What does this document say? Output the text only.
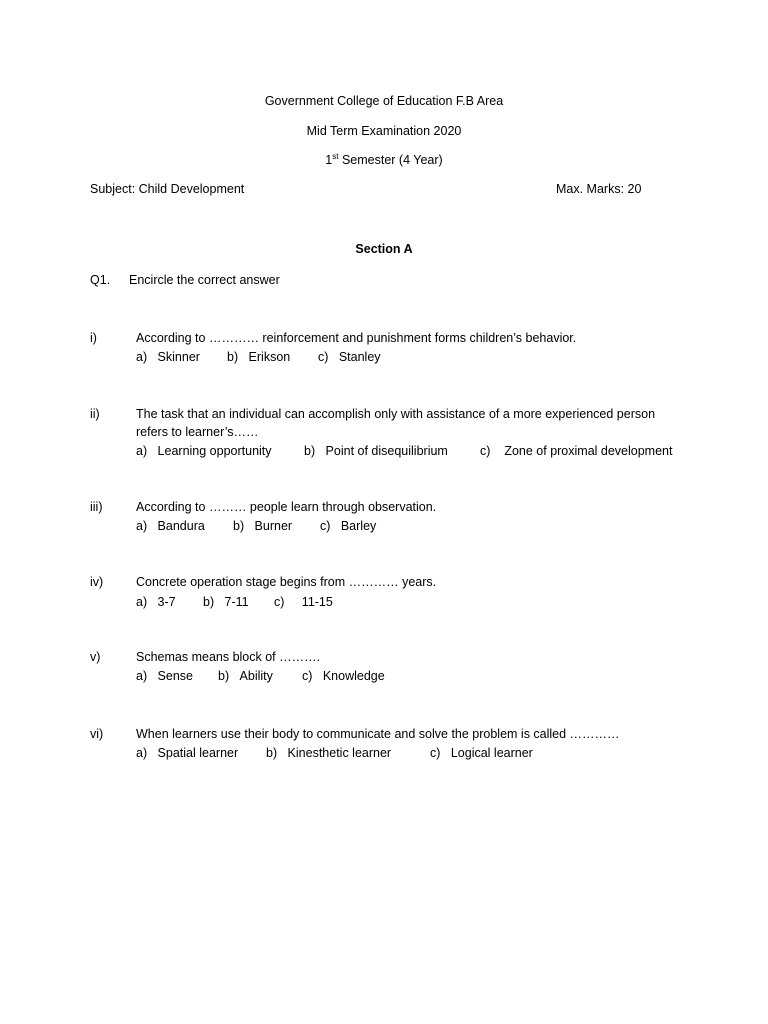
Government College of Education F.B Area
Mid Term Examination 2020
1st Semester (4 Year)
Subject: Child Development	Max. Marks: 20
Section A
Q1. Encircle the correct answer
i)	According to ………… reinforcement and punishment forms children’s behavior.
a) Skinner b) Erikson c) Stanley
ii)	The task that an individual can accomplish only with assistance of a more experienced person
refers to learner’s……
a) Learning opportunity	b) Point of disequilibrium	c) Zone of proximal development
iii)	According to ……… people learn through observation.
a) Bandura b) Burner c) Barley
iv)	Concrete operation stage begins from ………… years.
a) 3-7 b) 7-11 c) 11-15
v)	Schemas means block of ……….
a) Sense b) Ability c) Knowledge
vi)	When learners use their body to communicate and solve the problem is called …………
a) Spatial learner b) Kinesthetic learner	c) Logical learner
